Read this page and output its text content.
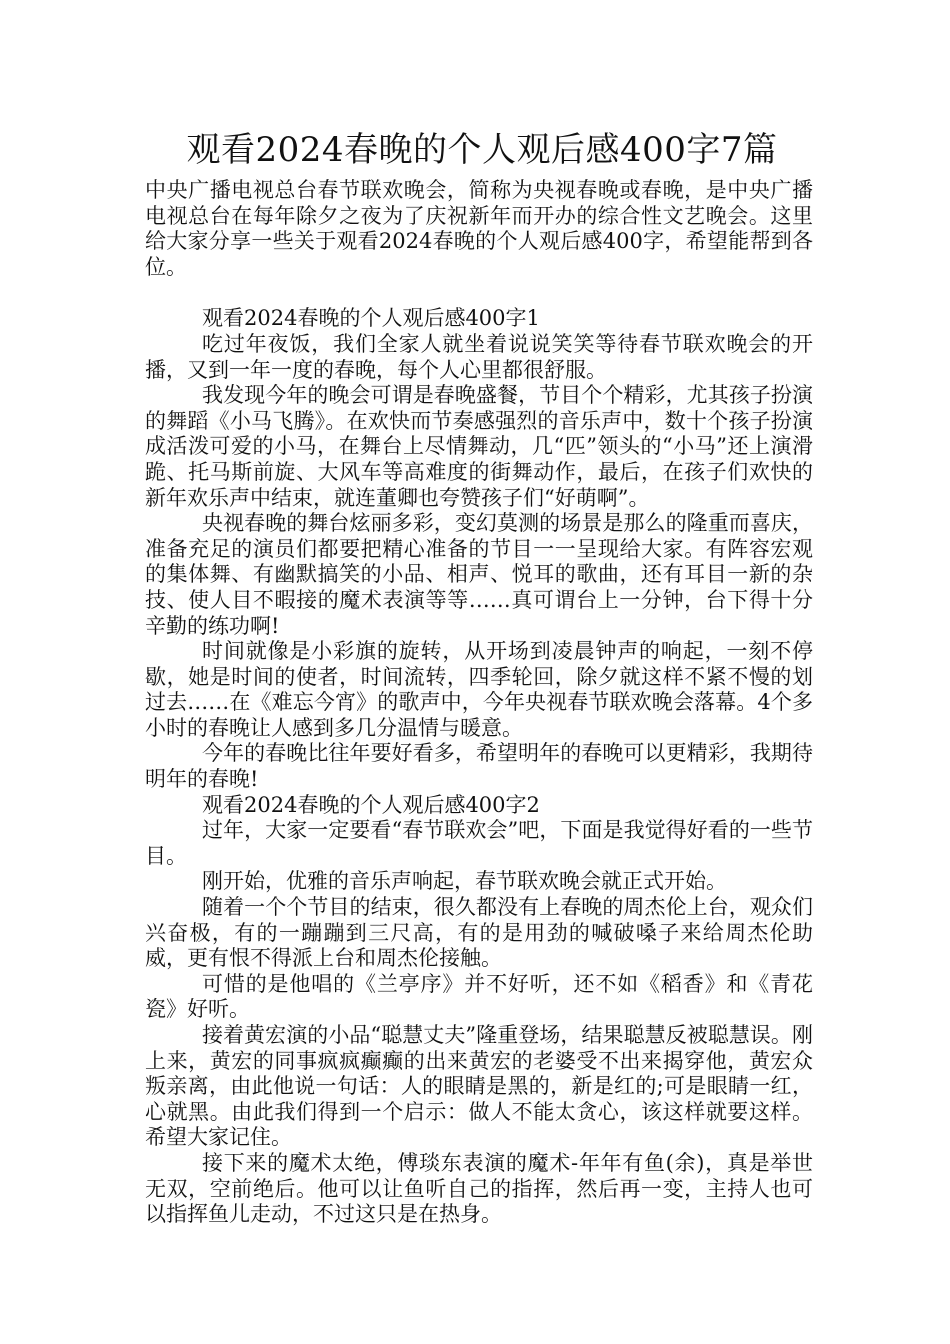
观看2024春晚的个人观后感400字7篇

中央广播电视总台春节联欢晚会，简称为央视春晚或春晚，是中央广播电视总台在每年除夕之夜为了庆祝新年而开办的综合性文艺晚会。这里给大家分享一些关于观看2024春晚的个人观后感400字，希望能帮到各位。

观看2024春晚的个人观后感400字1

吃过年夜饭，我们全家人就坐着说说笑笑等待春节联欢晚会的开播，又到一年一度的春晚，每个人心里都很舒服。

我发现今年的晚会可谓是春晚盛餐，节目个个精彩，尤其孩子扮演的舞蹈《小马飞腾》。在欢快而节奏感强烈的音乐声中，数十个孩子扮演成活泼可爱的小马，在舞台上尽情舞动，几“匹”领头的“小马”还上演滑跪、托马斯前旋、大风车等高难度的街舞动作，最后，在孩子们欢快的新年欢乐声中结束，就连董卿也夸赞孩子们“好萌啊”。

央视春晚的舞台炫丽多彩，变幻莫测的场景是那么的隆重而喜庆，准备充足的演员们都要把精心准备的节目一一呈现给大家。有阵容宏观的集体舞、有幽默搞笑的小品、相声、悦耳的歌曲，还有耳目一新的杂技、使人目不暇接的魔术表演等等……真可谓台上一分钟，台下得十分辛勤的练功啊!

时间就像是小彩旗的旋转，从开场到凌晨钟声的响起，一刻不停歇，她是时间的使者，时间流转，四季轮回，除夕就这样不紧不慢的划过去……在《难忘今宵》的歌声中，今年央视春节联欢晚会落幕。4个多小时的春晚让人感到多几分温情与暖意。

今年的春晚比往年要好看多，希望明年的春晚可以更精彩，我期待明年的春晚!

观看2024春晚的个人观后感400字2

过年，大家一定要看“春节联欢会”吧，下面是我觉得好看的一些节目。

刚开始，优雅的音乐声响起，春节联欢晚会就正式开始。

随着一个个节目的结束，很久都没有上春晚的周杰伦上台，观众们兴奋极，有的一蹦蹦到三尺高，有的是用劲的喊破嗓子来给周杰伦助威，更有恨不得派上台和周杰伦接触。

可惜的是他唱的《兰亭序》并不好听，还不如《稻香》和《青花瓷》好听。

接着黄宏演的小品“聪慧丈夫”隆重登场，结果聪慧反被聪慧误。刚上来，黄宏的同事疯疯癫癫的出来黄宏的老婆受不出来揭穿他，黄宏众叛亲离，由此他说一句话：人的眼睛是黑的，新是红的;可是眼睛一红，心就黑。由此我们得到一个启示：做人不能太贪心，该这样就要这样。希望大家记住。

接下来的魔术太绝，傅琰东表演的魔术-年年有鱼(余)，真是举世无双，空前绝后。他可以让鱼听自己的指挥，然后再一变，主持人也可以指挥鱼儿走动，不过这只是在热身。
